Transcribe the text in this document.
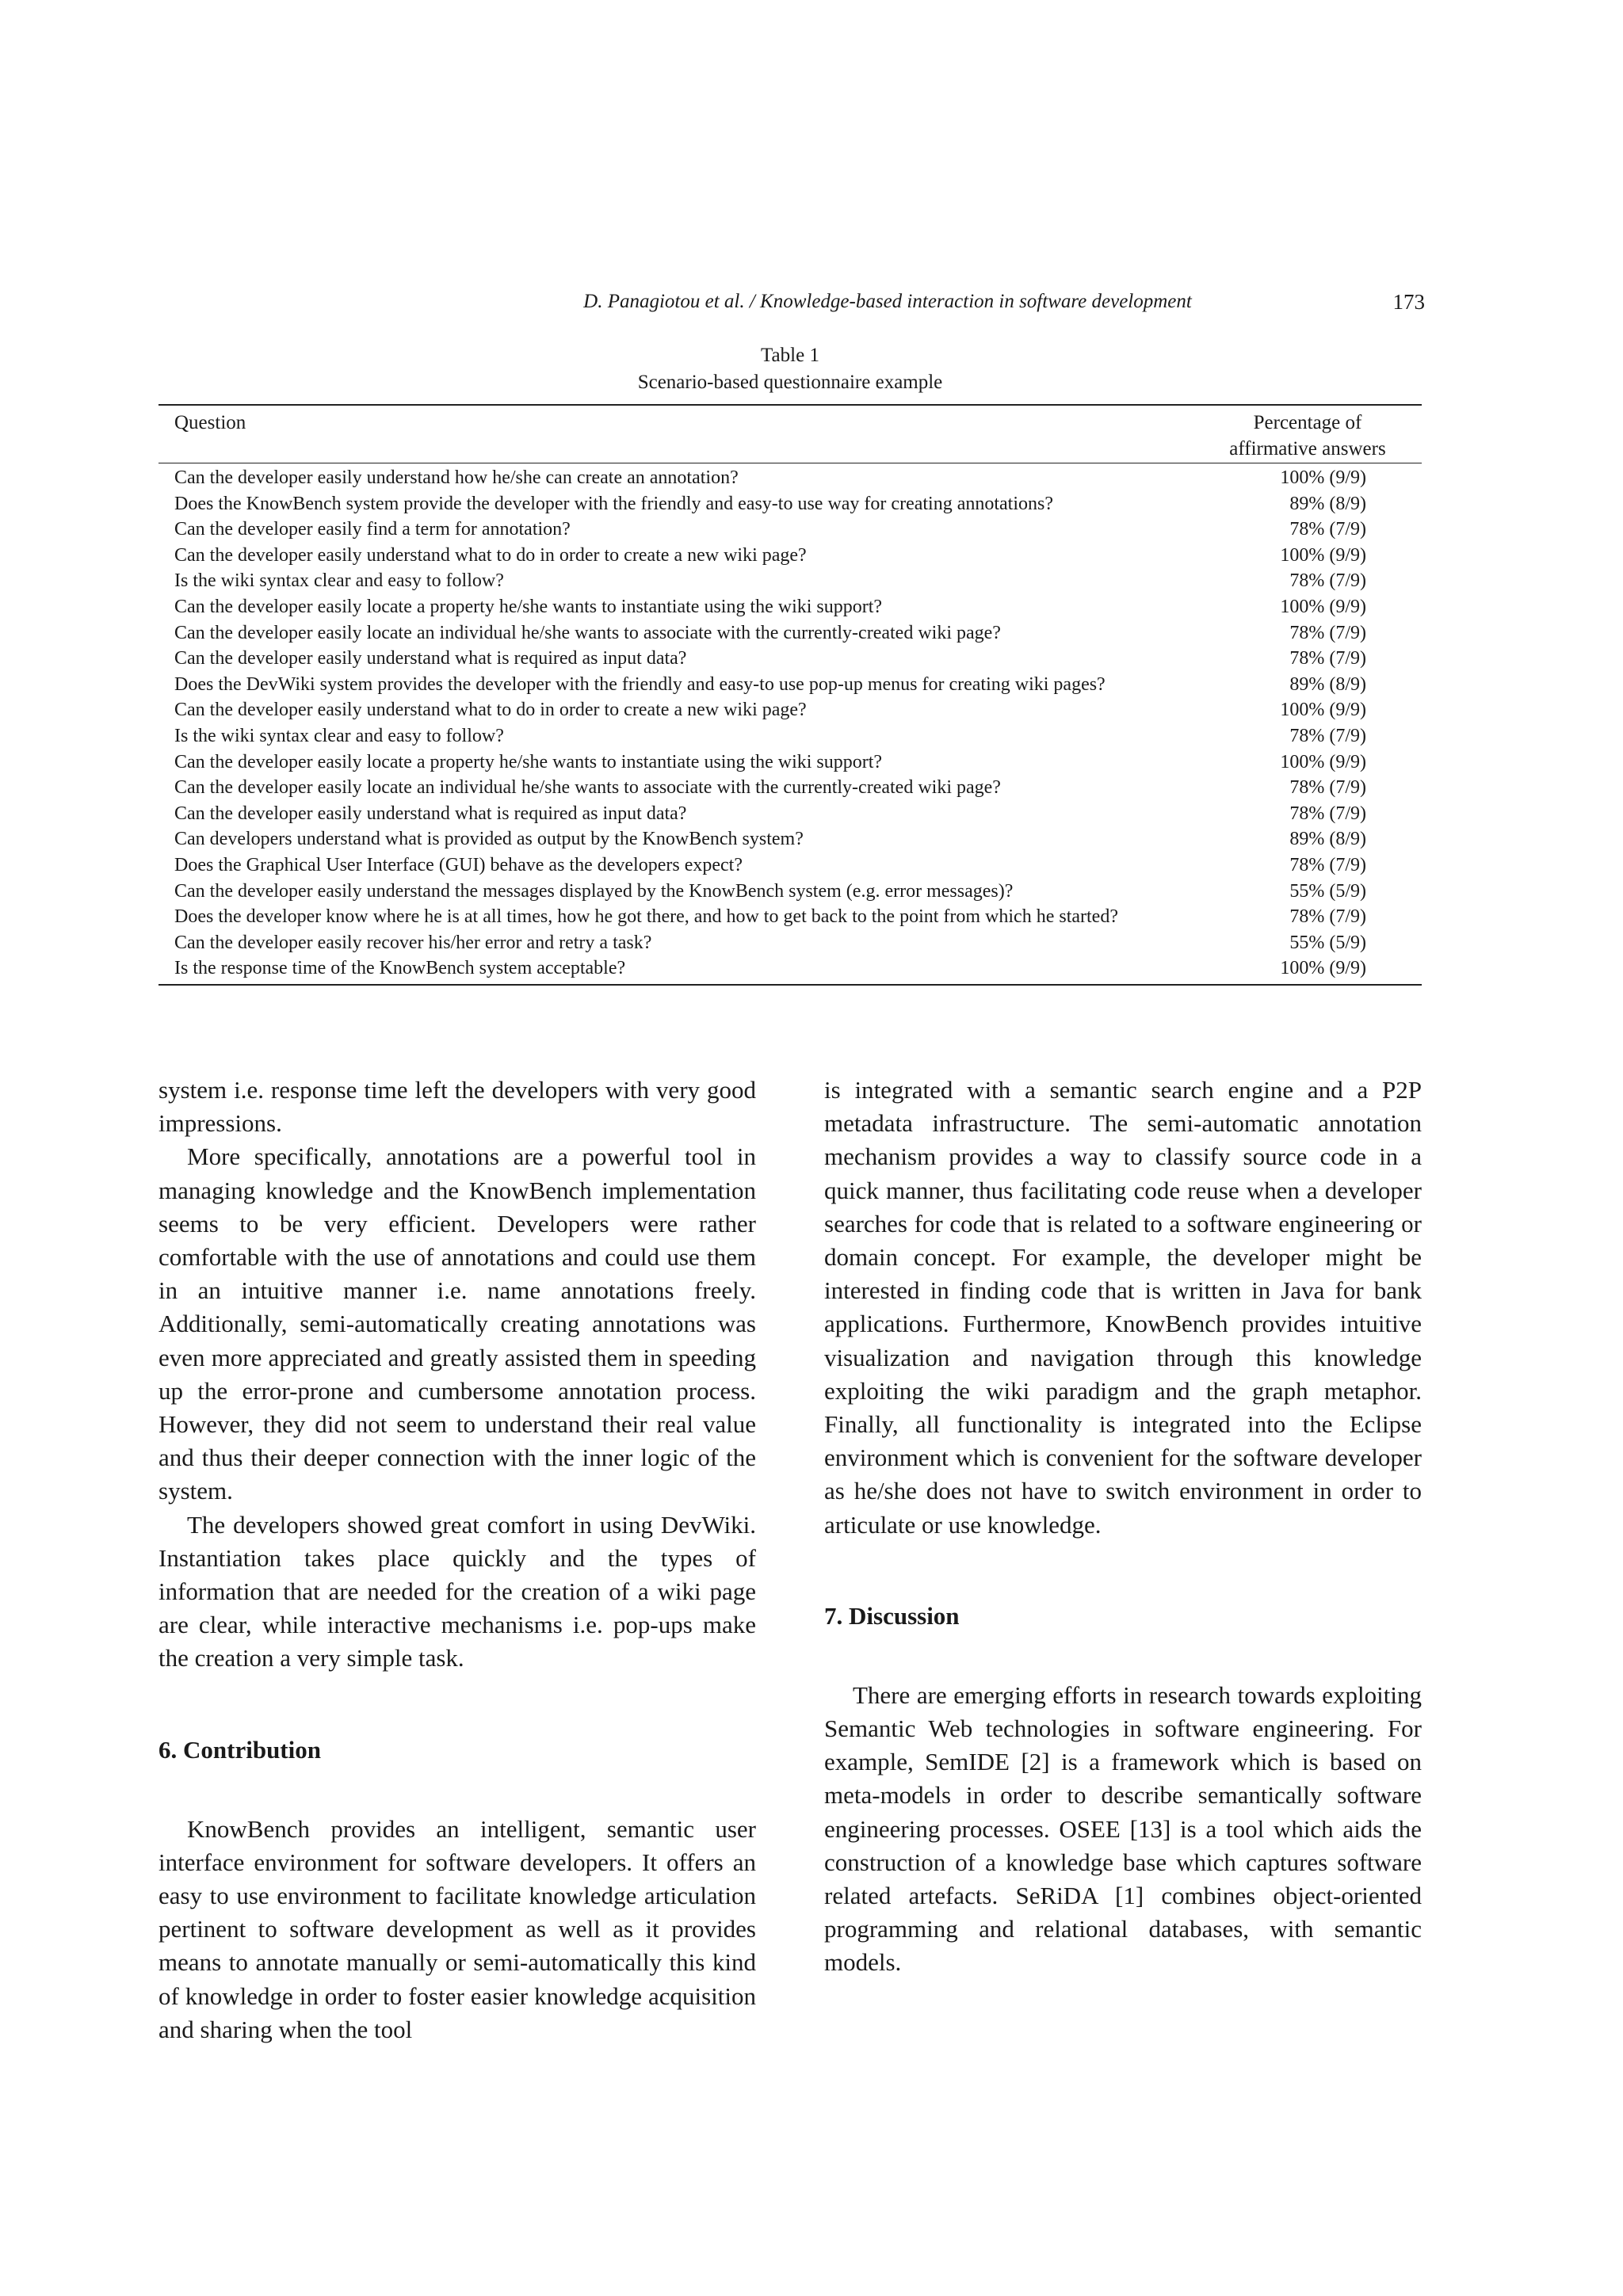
D. Panagiotou et al. / Knowledge-based interaction in software development	173
Table 1
Scenario-based questionnaire example
Question	Percentage of
affirmative answers
Can the developer easily understand how he/she can create an annotation?	100% (9/9)
Does the KnowBench system provide the developer with the friendly and easy-to use way for creating annotations?	89% (8/9)
Can the developer easily find a term for annotation?	78% (7/9)
Can the developer easily understand what to do in order to create a new wiki page?	100% (9/9)
Is the wiki syntax clear and easy to follow?	78% (7/9)
Can the developer easily locate a property he/she wants to instantiate using the wiki support?	100% (9/9)
Can the developer easily locate an individual he/she wants to associate with the currently-created wiki page?	78% (7/9)
Can the developer easily understand what is required as input data?	78% (7/9)
Does the DevWiki system provides the developer with the friendly and easy-to use pop-up menus for creating wiki pages?	89% (8/9)
Can the developer easily understand what to do in order to create a new wiki page?	100% (9/9)
Is the wiki syntax clear and easy to follow?	78% (7/9)
Can the developer easily locate a property he/she wants to instantiate using the wiki support?	100% (9/9)
Can the developer easily locate an individual he/she wants to associate with the currently-created wiki page?	78% (7/9)
Can the developer easily understand what is required as input data?	78% (7/9)
Can developers understand what is provided as output by the KnowBench system?	89% (8/9)
Does the Graphical User Interface (GUI) behave as the developers expect?	78% (7/9)
Can the developer easily understand the messages displayed by the KnowBench system (e.g. error messages)?	55% (5/9)
Does the developer know where he is at all times, how he got there, and how to get back to the point from which he started?	78% (7/9)
Can the developer easily recover his/her error and retry a task?	55% (5/9)
Is the response time of the KnowBench system acceptable?	100% (9/9)

system i.e. response time left the developers with very good impressions.

More specifically, annotations are a powerful tool in managing knowledge and the KnowBench implementation seems to be very efficient. Developers were rather comfortable with the use of annotations and could use them in an intuitive manner i.e. name annotations freely. Additionally, semi-automatically creating annotations was even more appreciated and greatly assisted them in speeding up the error-prone and cumbersome annotation process. However, they did not seem to understand their real value and thus their deeper connection with the inner logic of the system.

The developers showed great comfort in using DevWiki. Instantiation takes place quickly and the types of information that are needed for the creation of a wiki page are clear, while interactive mechanisms i.e. pop-ups make the creation a very simple task.

6. Contribution

KnowBench provides an intelligent, semantic user interface environment for software developers. It offers an easy to use environment to facilitate knowledge articulation pertinent to software development as well as it provides means to annotate manually or semi-automatically this kind of knowledge in order to foster easier knowledge acquisition and sharing when the tool

is integrated with a semantic search engine and a P2P metadata infrastructure. The semi-automatic annotation mechanism provides a way to classify source code in a quick manner, thus facilitating code reuse when a developer searches for code that is related to a software engineering or domain concept. For example, the developer might be interested in finding code that is written in Java for bank applications. Furthermore, KnowBench provides intuitive visualization and navigation through this knowledge exploiting the wiki paradigm and the graph metaphor. Finally, all functionality is integrated into the Eclipse environment which is convenient for the software developer as he/she does not have to switch environment in order to articulate or use knowledge.

7. Discussion

There are emerging efforts in research towards exploiting Semantic Web technologies in software engineering. For example, SemIDE [2] is a framework which is based on meta-models in order to describe semantically software engineering processes. OSEE [13] is a tool which aids the construction of a knowledge base which captures software related artefacts. SeRiDA [1] combines object-oriented programming and relational databases, with semantic models.
